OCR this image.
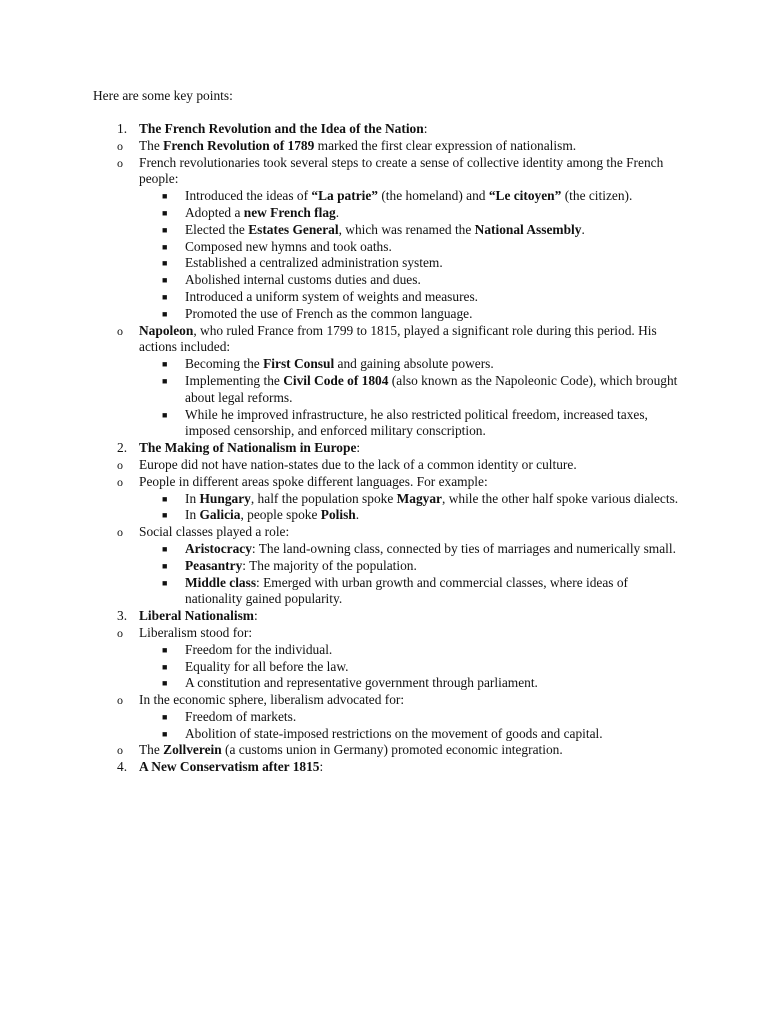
Here are some key points:

1. The French Revolution and the Idea of the Nation:
o The French Revolution of 1789 marked the first clear expression of nationalism.
o French revolutionaries took several steps to create a sense of collective identity among the French people:
■ Introduced the ideas of “La patrie” (the homeland) and “Le citoyen” (the citizen).
■ Adopted a new French flag.
■ Elected the Estates General, which was renamed the National Assembly.
■ Composed new hymns and took oaths.
■ Established a centralized administration system.
■ Abolished internal customs duties and dues.
■ Introduced a uniform system of weights and measures.
■ Promoted the use of French as the common language.
o Napoleon, who ruled France from 1799 to 1815, played a significant role during this period. His actions included:
■ Becoming the First Consul and gaining absolute powers.
■ Implementing the Civil Code of 1804 (also known as the Napoleonic Code), which brought about legal reforms.
■ While he improved infrastructure, he also restricted political freedom, increased taxes, imposed censorship, and enforced military conscription.
2. The Making of Nationalism in Europe:
o Europe did not have nation-states due to the lack of a common identity or culture.
o People in different areas spoke different languages. For example:
■ In Hungary, half the population spoke Magyar, while the other half spoke various dialects.
■ In Galicia, people spoke Polish.
o Social classes played a role:
■ Aristocracy: The land-owning class, connected by ties of marriages and numerically small.
■ Peasantry: The majority of the population.
■ Middle class: Emerged with urban growth and commercial classes, where ideas of nationality gained popularity.
3. Liberal Nationalism:
o Liberalism stood for:
■ Freedom for the individual.
■ Equality for all before the law.
■ A constitution and representative government through parliament.
o In the economic sphere, liberalism advocated for:
■ Freedom of markets.
■ Abolition of state-imposed restrictions on the movement of goods and capital.
o The Zollverein (a customs union in Germany) promoted economic integration.
4. A New Conservatism after 1815:
